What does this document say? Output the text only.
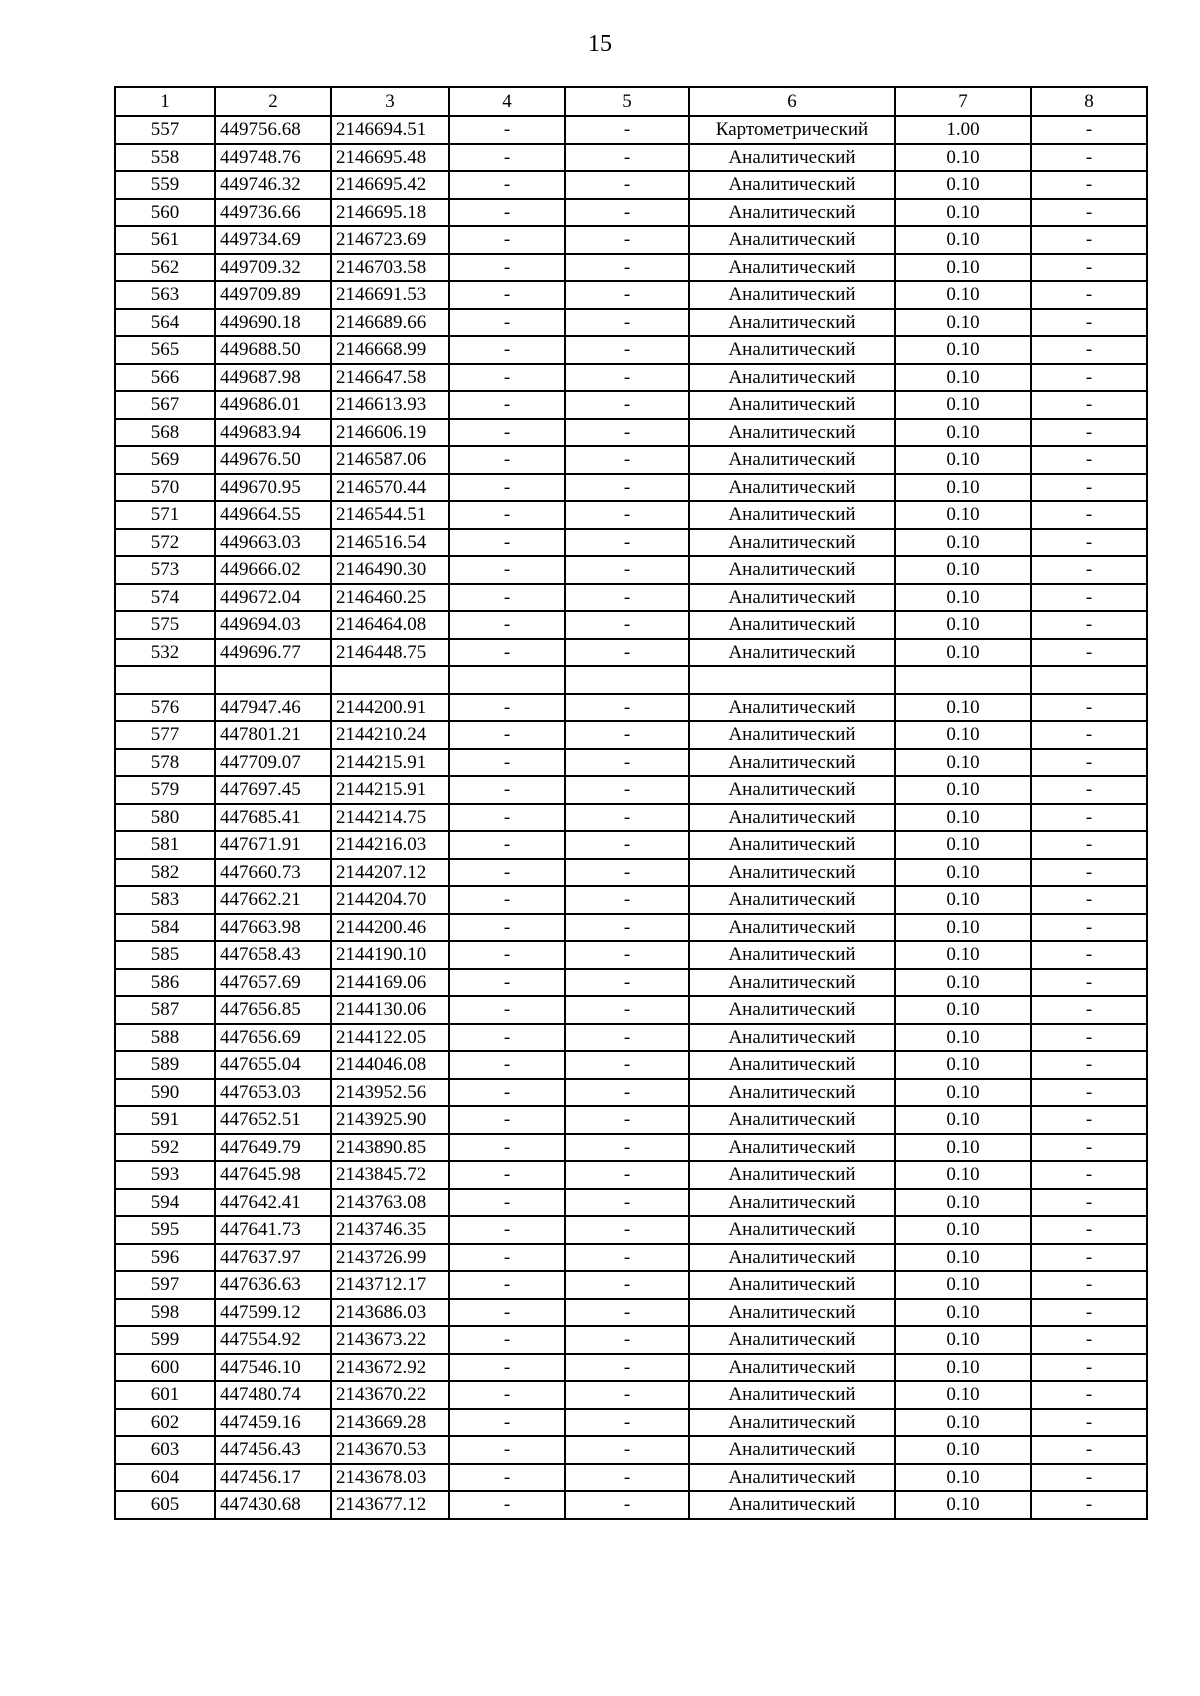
15
1	2	3	4	5	6	7	8
557	449756.68	2146694.51	-	-	Картометрический	1.00	-
558	449748.76	2146695.48	-	-	Аналитический	0.10	-
559	449746.32	2146695.42	-	-	Аналитический	0.10	-
560	449736.66	2146695.18	-	-	Аналитический	0.10	-
561	449734.69	2146723.69	-	-	Аналитический	0.10	-
562	449709.32	2146703.58	-	-	Аналитический	0.10	-
563	449709.89	2146691.53	-	-	Аналитический	0.10	-
564	449690.18	2146689.66	-	-	Аналитический	0.10	-
565	449688.50	2146668.99	-	-	Аналитический	0.10	-
566	449687.98	2146647.58	-	-	Аналитический	0.10	-
567	449686.01	2146613.93	-	-	Аналитический	0.10	-
568	449683.94	2146606.19	-	-	Аналитический	0.10	-
569	449676.50	2146587.06	-	-	Аналитический	0.10	-
570	449670.95	2146570.44	-	-	Аналитический	0.10	-
571	449664.55	2146544.51	-	-	Аналитический	0.10	-
572	449663.03	2146516.54	-	-	Аналитический	0.10	-
573	449666.02	2146490.30	-	-	Аналитический	0.10	-
574	449672.04	2146460.25	-	-	Аналитический	0.10	-
575	449694.03	2146464.08	-	-	Аналитический	0.10	-
532	449696.77	2146448.75	-	-	Аналитический	0.10	-

576	447947.46	2144200.91	-	-	Аналитический	0.10	-
577	447801.21	2144210.24	-	-	Аналитический	0.10	-
578	447709.07	2144215.91	-	-	Аналитический	0.10	-
579	447697.45	2144215.91	-	-	Аналитический	0.10	-
580	447685.41	2144214.75	-	-	Аналитический	0.10	-
581	447671.91	2144216.03	-	-	Аналитический	0.10	-
582	447660.73	2144207.12	-	-	Аналитический	0.10	-
583	447662.21	2144204.70	-	-	Аналитический	0.10	-
584	447663.98	2144200.46	-	-	Аналитический	0.10	-
585	447658.43	2144190.10	-	-	Аналитический	0.10	-
586	447657.69	2144169.06	-	-	Аналитический	0.10	-
587	447656.85	2144130.06	-	-	Аналитический	0.10	-
588	447656.69	2144122.05	-	-	Аналитический	0.10	-
589	447655.04	2144046.08	-	-	Аналитический	0.10	-
590	447653.03	2143952.56	-	-	Аналитический	0.10	-
591	447652.51	2143925.90	-	-	Аналитический	0.10	-
592	447649.79	2143890.85	-	-	Аналитический	0.10	-
593	447645.98	2143845.72	-	-	Аналитический	0.10	-
594	447642.41	2143763.08	-	-	Аналитический	0.10	-
595	447641.73	2143746.35	-	-	Аналитический	0.10	-
596	447637.97	2143726.99	-	-	Аналитический	0.10	-
597	447636.63	2143712.17	-	-	Аналитический	0.10	-
598	447599.12	2143686.03	-	-	Аналитический	0.10	-
599	447554.92	2143673.22	-	-	Аналитический	0.10	-
600	447546.10	2143672.92	-	-	Аналитический	0.10	-
601	447480.74	2143670.22	-	-	Аналитический	0.10	-
602	447459.16	2143669.28	-	-	Аналитический	0.10	-
603	447456.43	2143670.53	-	-	Аналитический	0.10	-
604	447456.17	2143678.03	-	-	Аналитический	0.10	-
605	447430.68	2143677.12	-	-	Аналитический	0.10	-
